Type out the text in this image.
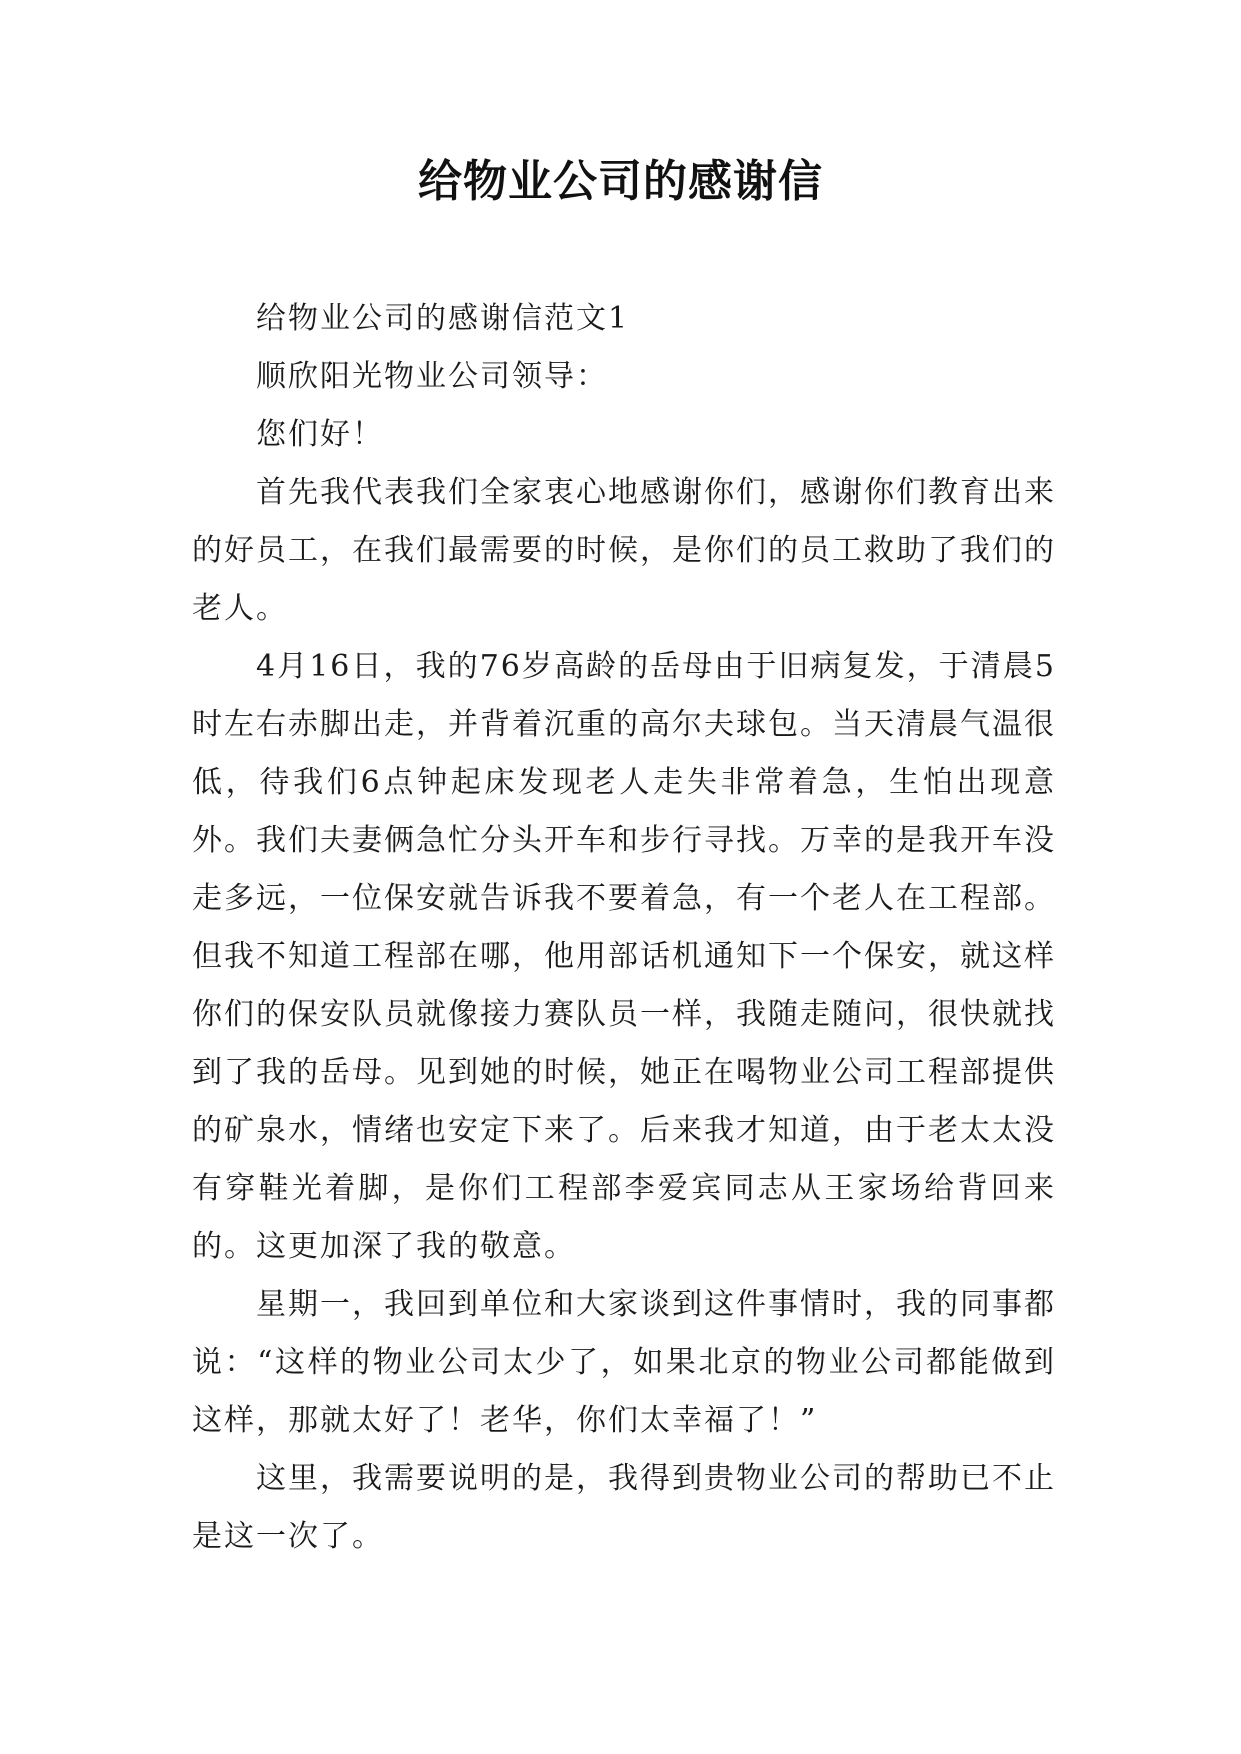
给物业公司的感谢信

给物业公司的感谢信范文1

顺欣阳光物业公司领导：

您们好！

首先我代表我们全家衷心地感谢你们，感谢你们教育出来的好员工，在我们最需要的时候，是你们的员工救助了我们的老人。

4月16日，我的76岁高龄的岳母由于旧病复发，于清晨5时左右赤脚出走，并背着沉重的高尔夫球包。当天清晨气温很低，待我们6点钟起床发现老人走失非常着急，生怕出现意外。我们夫妻俩急忙分头开车和步行寻找。万幸的是我开车没走多远，一位保安就告诉我不要着急，有一个老人在工程部。但我不知道工程部在哪，他用部话机通知下一个保安，就这样你们的保安队员就像接力赛队员一样，我随走随问，很快就找到了我的岳母。见到她的时候，她正在喝物业公司工程部提供的矿泉水，情绪也安定下来了。后来我才知道，由于老太太没有穿鞋光着脚，是你们工程部李爱宾同志从王家场给背回来的。这更加深了我的敬意。

星期一，我回到单位和大家谈到这件事情时，我的同事都说：“这样的物业公司太少了，如果北京的物业公司都能做到这样，那就太好了！老华，你们太幸福了！”

这里，我需要说明的是，我得到贵物业公司的帮助已不止是这一次了。
